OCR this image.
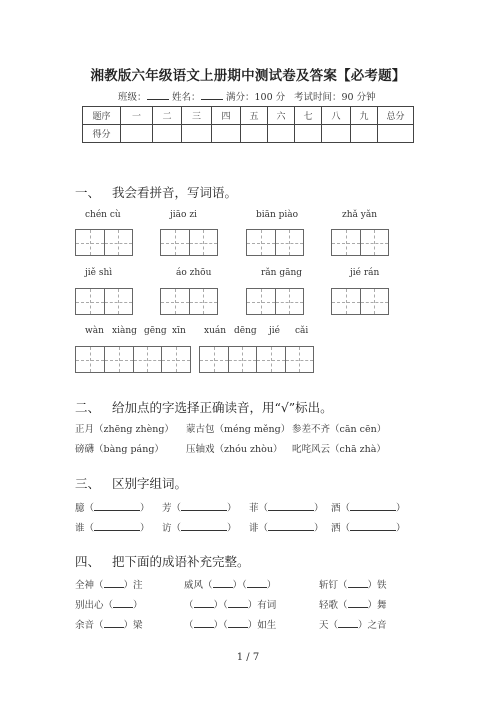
湘教版六年级语文上册期中测试卷及答案【必考题】
班级：	姓名：	满分：100 分 考试时间：90 分钟
题序	一	二	三	四	五	六	七	八	九	总分
得分										
一、 我会看拼音，写词语。
chén cù	jiāo zi	biān piào	zhǎ yǎn
jiě shì	áo zhōu	rǎn gāng	jié rán
wàn xiàng gēng xīn xuán dēng jié cǎi
二、 给加点的字选择正确读音，用“√”标出。
正月（zhēng zhèng） 蒙古包（méng měng） 参差不齐（cān cēn）
磅礴（bàng páng） 压轴戏（zhóu zhòu） 叱咤风云（chā zhà）
三、 区别字组词。
臆（	） 芳（	） 菲（	） 酒（	）
谁（	） 访（	） 诽（	） 洒（	）
四、 把下面的成语补充完整。
全神（ ）注	威风（ ）（ ）	斩钉（ ）铁
别出心（ ）	（ ）（ ）有词	轻歌（ ）舞
余音（ ）梁	（ ）（ ）如生	天（ ）之音
1 / 7
